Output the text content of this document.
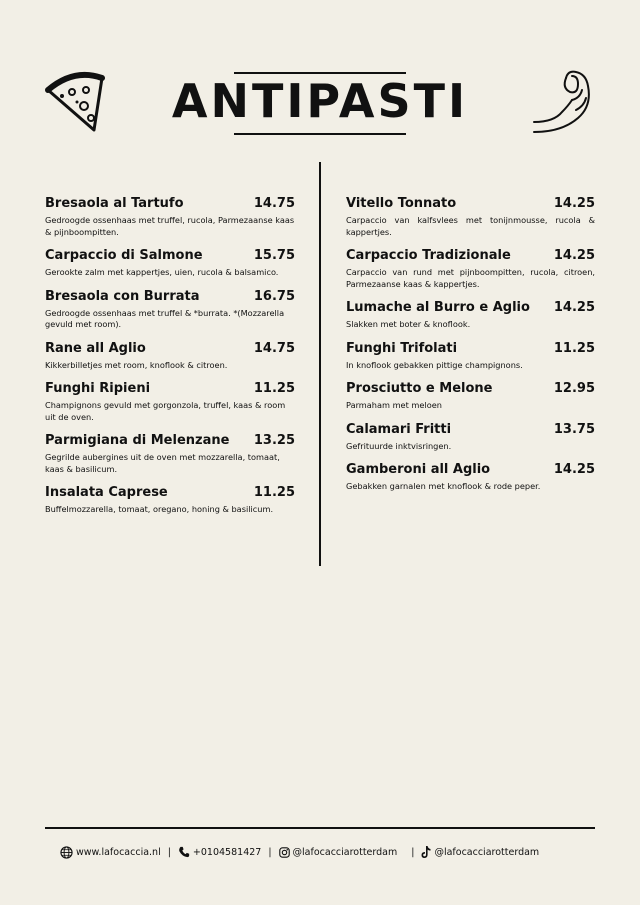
ANTIPASTI
Bresaola al Tartufo	14.75
Gedroogde ossenhaas met truffel, rucola, Parmezaanse kaas & pijnboompitten.
Carpaccio di Salmone	15.75
Gerookte zalm met kappertjes, uien, rucola & balsamico.
Bresaola con Burrata	16.75
Gedroogde ossenhaas met truffel & *burrata. *(Mozzarella gevuld met room).
Rane all Aglio	14.75
Kikkerbilletjes met room, knoflook & citroen.
Funghi Ripieni	11.25
Champignons gevuld met gorgonzola, truffel, kaas & room uit de oven.
Parmigiana di Melenzane 13.25
Gegrilde aubergines uit de oven met mozzarella, tomaat, kaas & basilicum.
Insalata Caprese	11.25
Buffelmozzarella, tomaat, oregano, honing & basilicum.
Vitello Tonnato	14.25
Carpaccio van kalfsvlees met tonijnmousse, rucola & kappertjes.
Carpaccio Tradizionale	14.25
Carpaccio van rund met pijnboompitten, rucola, citroen, Parmezaanse kaas & kappertjes.
Lumache al Burro e Aglio 14.25
Slakken met boter & knoflook.
Funghi Trifolati	11.25
In knoflook gebakken pittige champignons.
Prosciutto e Melone	12.95
Parmaham met meloen
Calamari Fritti	13.75
Gefrituurde inktvisringen.
Gamberoni all Aglio	14.25
Gebakken garnalen met knoflook & rode peper.
www.lafocaccia.nl | +0104581427 | @lafocacciarotterdam | @lafocacciarotterdam
